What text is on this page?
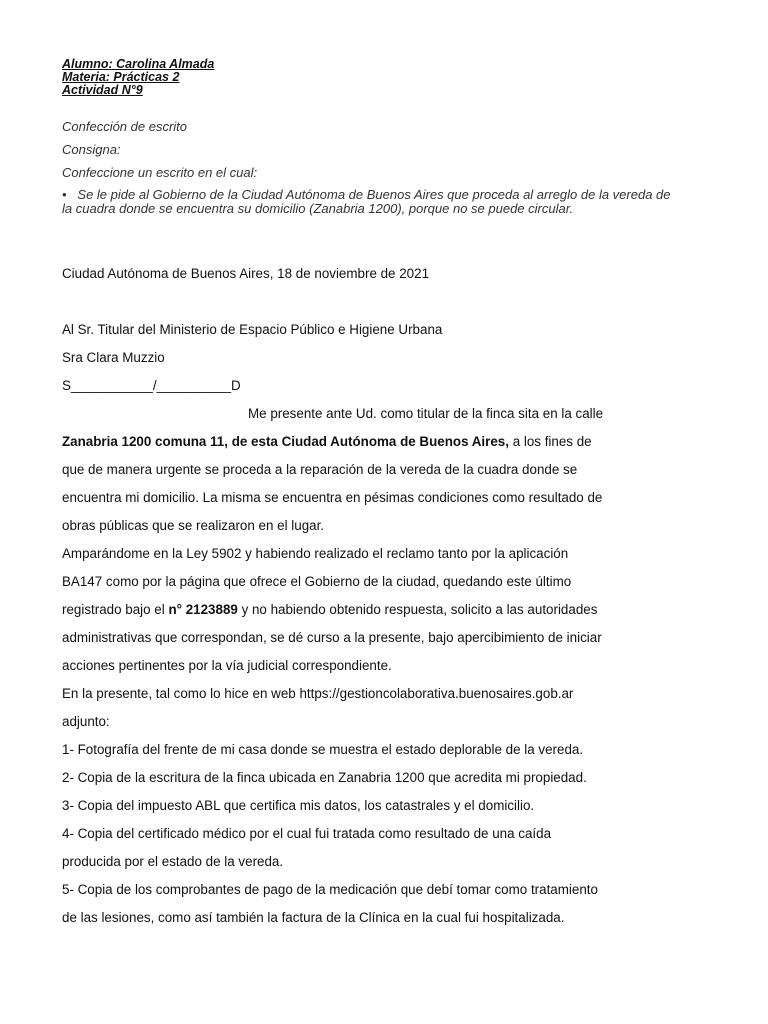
Alumno: Carolina Almada
Materia: Prácticas 2
Actividad N°9
Confección de escrito
Consigna:
Confeccione un escrito en el cual:
• Se le pide al Gobierno de la Ciudad Autónoma de Buenos Aires que proceda al arreglo de la vereda de la cuadra donde se encuentra su domicilio (Zanabria 1200), porque no se puede circular.
Ciudad Autónoma de Buenos Aires, 18 de noviembre de 2021
Al Sr. Titular del Ministerio de Espacio Público e Higiene Urbana
Sra Clara Muzzio
S___________/__________D
Me presente ante Ud. como titular de la finca sita en la calle
Zanabria 1200 comuna 11, de esta Ciudad Autónoma de Buenos Aires, a los fines de
que de manera urgente se proceda a la reparación de la vereda de la cuadra donde se
encuentra mi domicilio. La misma se encuentra en pésimas condiciones como resultado de
obras públicas que se realizaron en el lugar.
Amparándome en la Ley 5902 y habiendo realizado el reclamo tanto por la aplicación
BA147 como por la página que ofrece el Gobierno de la ciudad, quedando este último
registrado bajo el n° 2123889 y no habiendo obtenido respuesta, solicito a las autoridades
administrativas que correspondan, se dé curso a la presente, bajo apercibimiento de iniciar
acciones pertinentes por la vía judicial correspondiente.
En la presente, tal como lo hice en web https://gestioncolaborativa.buenosaires.gob.ar
adjunto:
1- Fotografía del frente de mi casa donde se muestra el estado deplorable de la vereda.
2- Copia de la escritura de la finca ubicada en Zanabria 1200 que acredita mi propiedad.
3- Copia del impuesto ABL que certifica mis datos, los catastrales y el domicilio.
4- Copia del certificado médico por el cual fui tratada como resultado de una caída
producida por el estado de la vereda.
5- Copia de los comprobantes de pago de la medicación que debí tomar como tratamiento
de las lesiones, como así también la factura de la Clínica en la cual fui hospitalizada.
